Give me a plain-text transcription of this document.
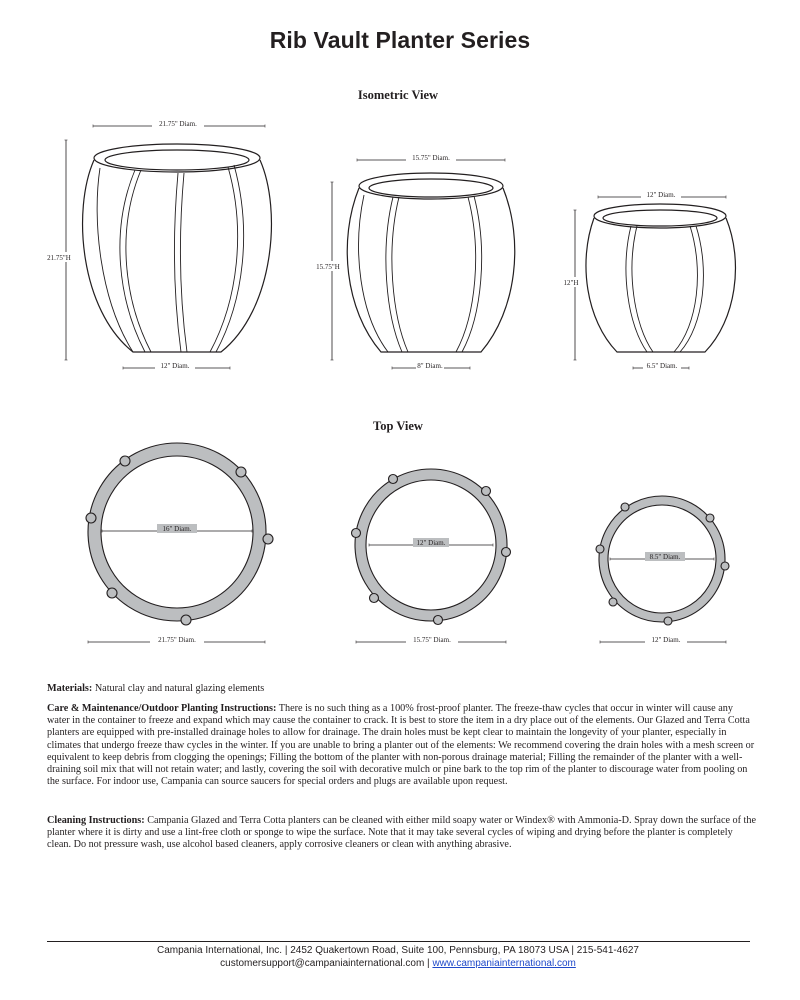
Rib Vault Planter Series
Isometric View
Top View
21.75" Diam.
21.75"H
12" Diam.
15.75" Diam.
15.75"H
8" Diam.
12" Diam.
12"H
6.5" Diam.
16" Diam.
21.75" Diam.
12" Diam.
15.75" Diam.
8.5" Diam.
12" Diam.
Materials: Natural clay and natural glazing elements
Care & Maintenance/Outdoor Planting Instructions: There is no such thing as a 100% frost-proof planter. The freeze-thaw cycles that occur in winter will cause any water in the container to freeze and expand which may cause the container to crack. It is best to store the item in a dry place out of the elements. Our Glazed and Terra Cotta planters are equipped with pre-installed drainage holes to allow for drainage. The drain holes must be kept clear to maintain the longevity of your planter, especially in climates that undergo freeze thaw cycles in the winter. If you are unable to bring a planter out of the elements: We recommend covering the drain holes with a mesh screen or equivalent to keep debris from clogging the openings; Filling the bottom of the planter with non-porous drainage material; Filling the remainder of the planter with a well-draining soil mix that will not retain water; and lastly, covering the soil with decorative mulch or pine bark to the top rim of the planter to discourage water from pooling on the surface. For indoor use, Campania can source saucers for special orders and plugs are available upon request.
Cleaning Instructions: Campania Glazed and Terra Cotta planters can be cleaned with either mild soapy water or Windex® with Ammonia-D. Spray down the surface of the planter where it is dirty and use a lint-free cloth or sponge to wipe the surface. Note that it may take several cycles of wiping and drying before the planter is completely clean. Do not pressure wash, use alcohol based cleaners, apply corrosive cleaners or clean with anything abrasive.
Campania International, Inc. | 2452 Quakertown Road, Suite 100, Pennsburg, PA 18073 USA | 215-541-4627
customersupport@campaniainternational.com | www.campaniainternational.com
